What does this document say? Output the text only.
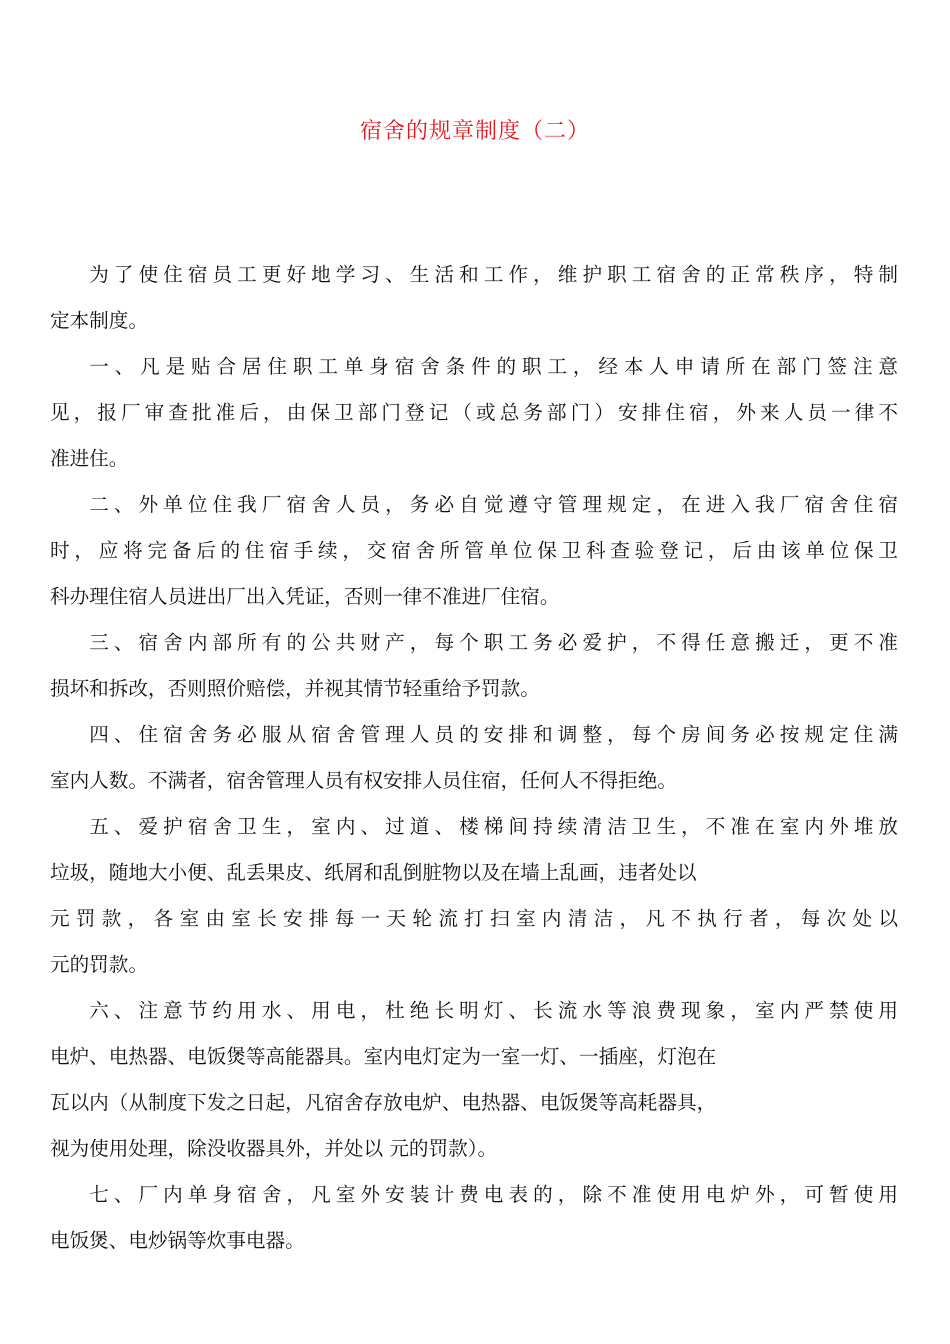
宿舍的规章制度（二）
为了使住宿员工更好地学习、生活和工作，维护职工宿舍的正常秩序，特制
定本制度。
一、凡是贴合居住职工单身宿舍条件的职工，经本人申请所在部门签注意
见，报厂审查批准后，由保卫部门登记（或总务部门）安排住宿，外来人员一律不
准进住。
二、外单位住我厂宿舍人员，务必自觉遵守管理规定，在进入我厂宿舍住宿
时，应将完备后的住宿手续，交宿舍所管单位保卫科查验登记，后由该单位保卫
科办理住宿人员进出厂出入凭证，否则一律不准进厂住宿。
三、宿舍内部所有的公共财产，每个职工务必爱护，不得任意搬迁，更不准
损坏和拆改，否则照价赔偿，并视其情节轻重给予罚款。
四、住宿舍务必服从宿舍管理人员的安排和调整，每个房间务必按规定住满
室内人数。不满者，宿舍管理人员有权安排人员住宿，任何人不得拒绝。
五、爱护宿舍卫生，室内、过道、楼梯间持续清洁卫生，不准在室内外堆放
垃圾，随地大小便、乱丢果皮、纸屑和乱倒脏物以及在墙上乱画，违者处以
元罚款，各室由室长安排每一天轮流打扫室内清洁，凡不执行者，每次处以
元的罚款。
六、注意节约用水、用电，杜绝长明灯、长流水等浪费现象，室内严禁使用
电炉、电热器、电饭煲等高能器具。室内电灯定为一室一灯、一插座，灯泡在
瓦以内（从制度下发之日起，凡宿舍存放电炉、电热器、电饭煲等高耗器具，
视为使用处理，除没收器具外，并处以 元的罚款）。
七、厂内单身宿舍，凡室外安装计费电表的，除不准使用电炉外，可暂使用
电饭煲、电炒锅等炊事电器。
